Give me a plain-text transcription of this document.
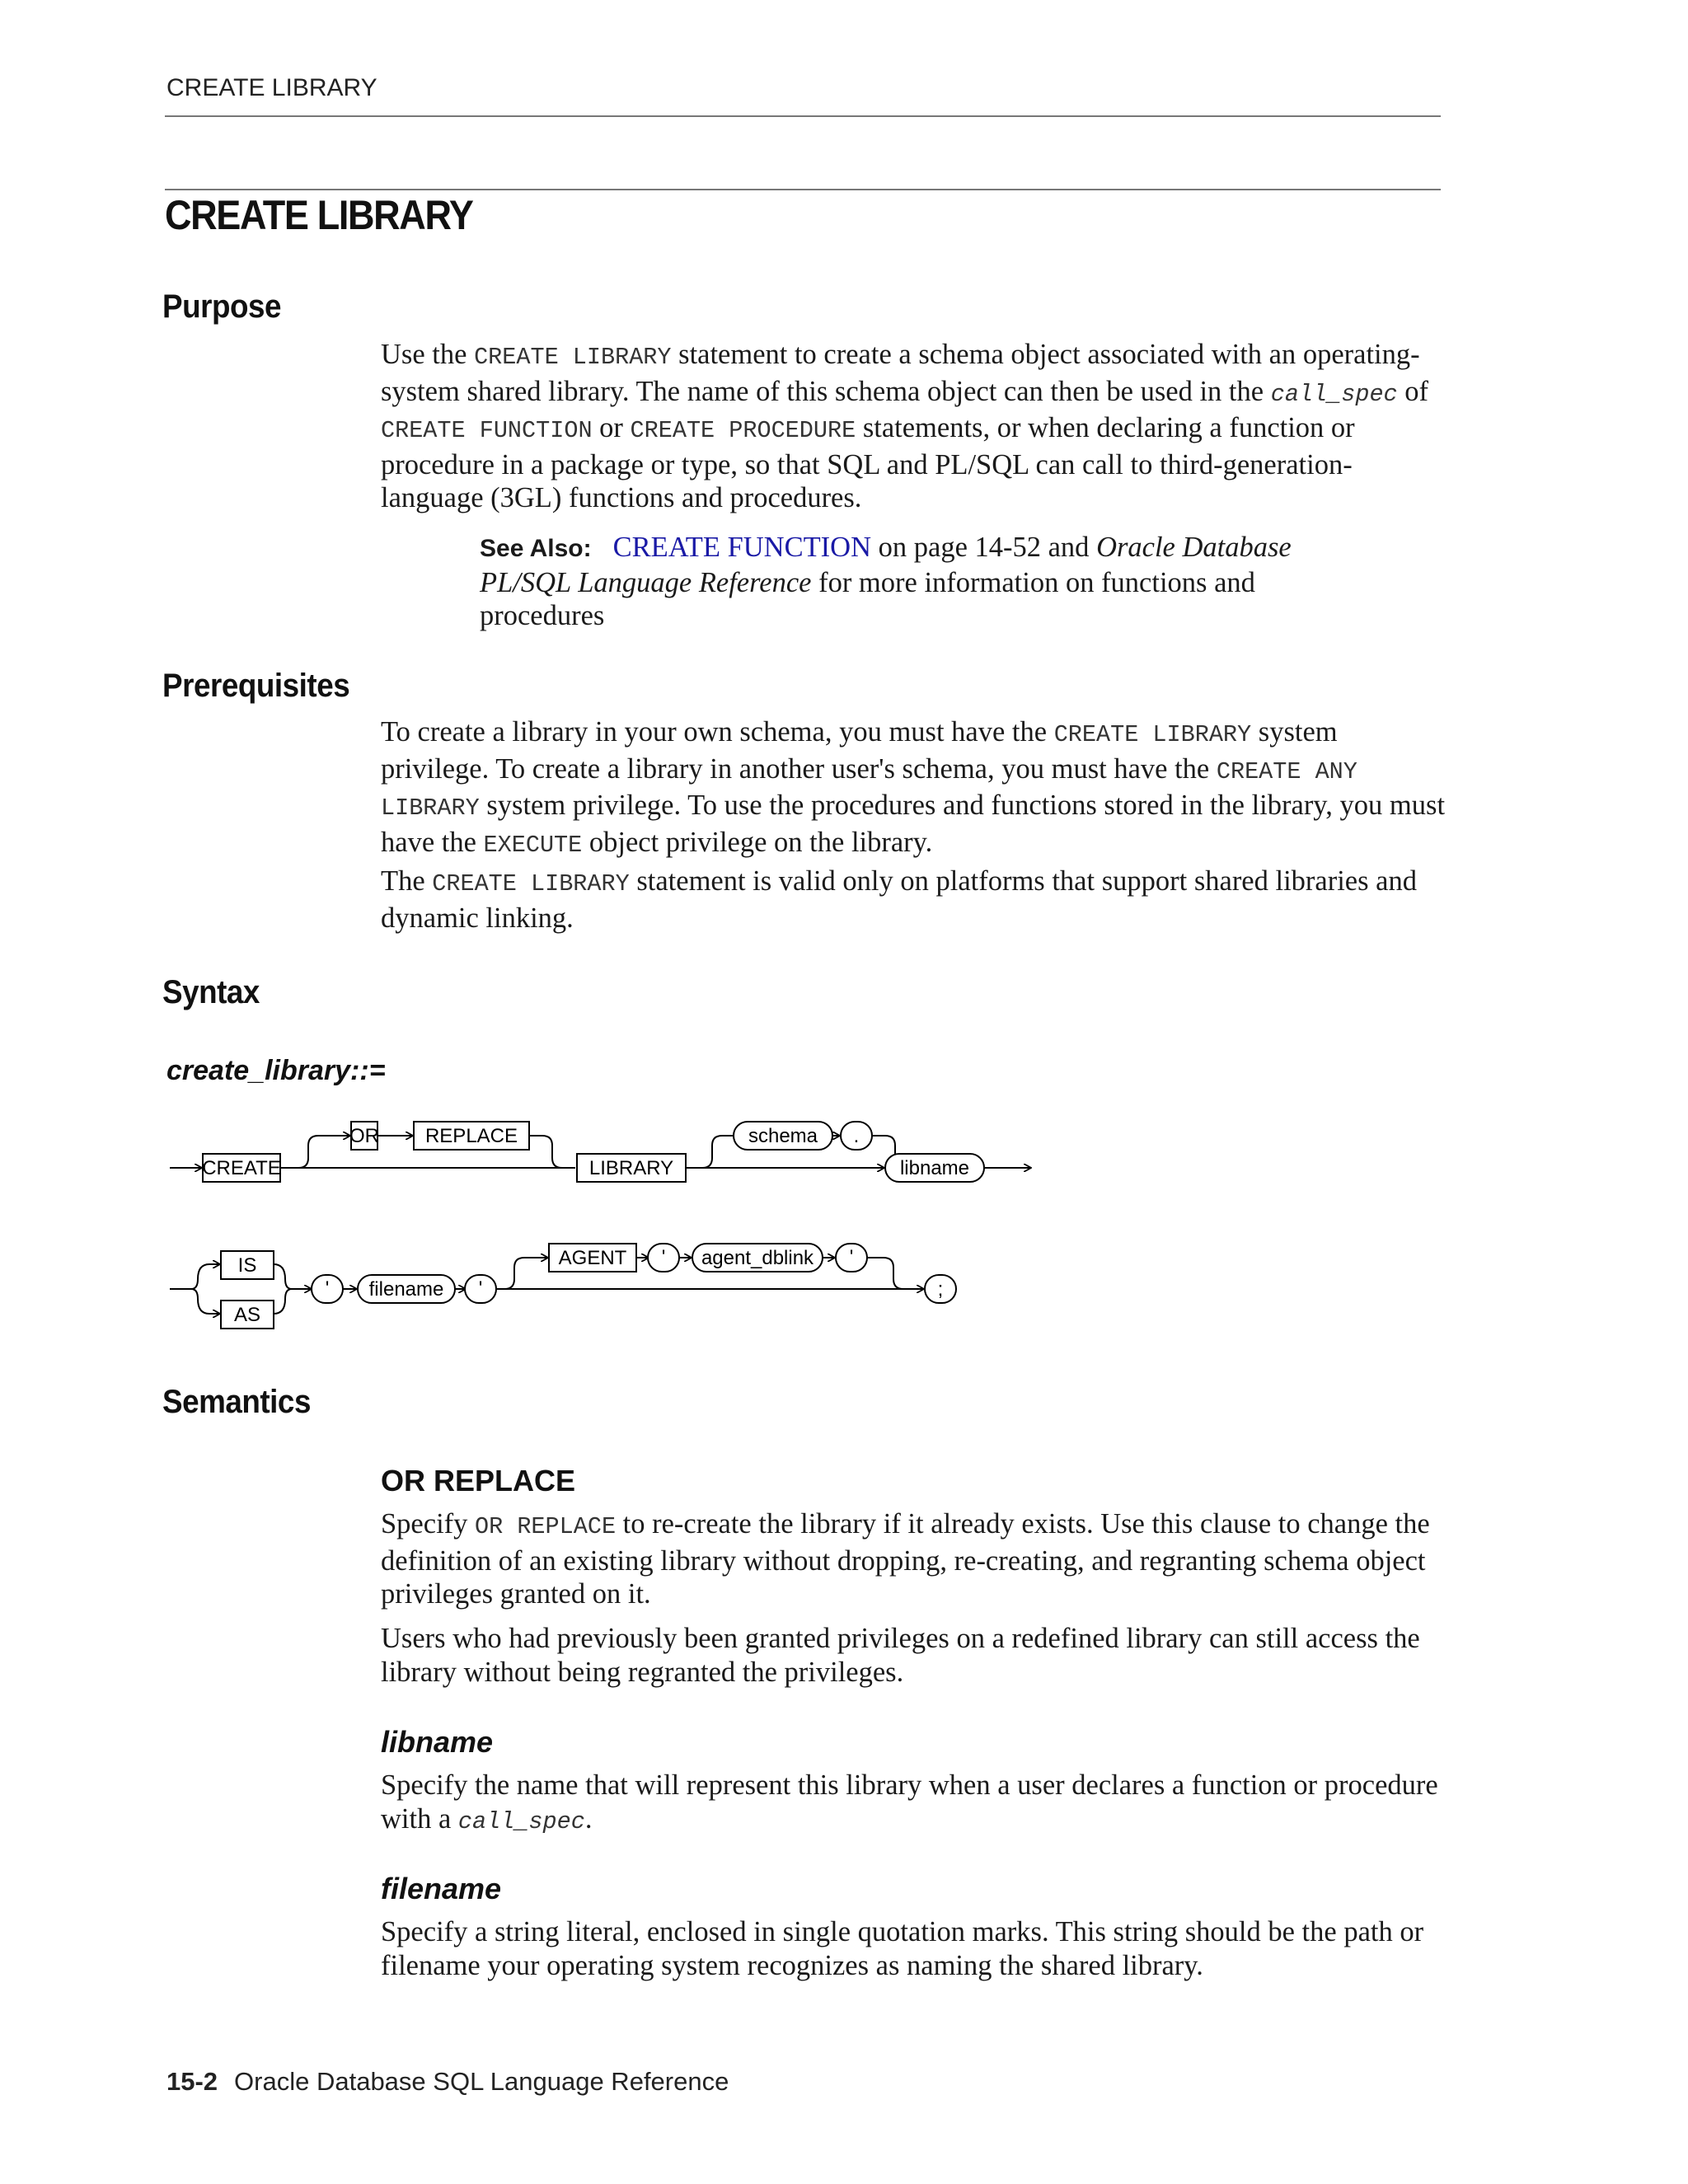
CREATE LIBRARY
CREATE LIBRARY
Purpose

Use the CREATE LIBRARY statement to create a schema object associated with an operating-system shared library. The name of this schema object can then be used in the call_spec of CREATE FUNCTION or CREATE PROCEDURE statements, or when declaring a function or procedure in a package or type, so that SQL and PL/SQL can call to third-generation-language (3GL) functions and procedures.

See Also: CREATE FUNCTION on page 14-52 and Oracle Database PL/SQL Language Reference for more information on functions and procedures

Prerequisites

To create a library in your own schema, you must have the CREATE LIBRARY system privilege. To create a library in another user's schema, you must have the CREATE ANY LIBRARY system privilege. To use the procedures and functions stored in the library, you must have the EXECUTE object privilege on the library.

The CREATE LIBRARY statement is valid only on platforms that support shared libraries and dynamic linking.

Syntax
create_library::=
CREATE
OR REPLACE
LIBRARY
schema .
libname
IS
AS
' filename '
AGENT ' agent_dblink '
;
Semantics
OR REPLACE

Specify OR REPLACE to re-create the library if it already exists. Use this clause to change the definition of an existing library without dropping, re-creating, and regranting schema object privileges granted on it.

Users who had previously been granted privileges on a redefined library can still access the library without being regranted the privileges.

libname

Specify the name that will represent this library when a user declares a function or procedure with a call_spec.

filename

Specify a string literal, enclosed in single quotation marks. This string should be the path or filename your operating system recognizes as naming the shared library.

15-2 Oracle Database SQL Language Reference
